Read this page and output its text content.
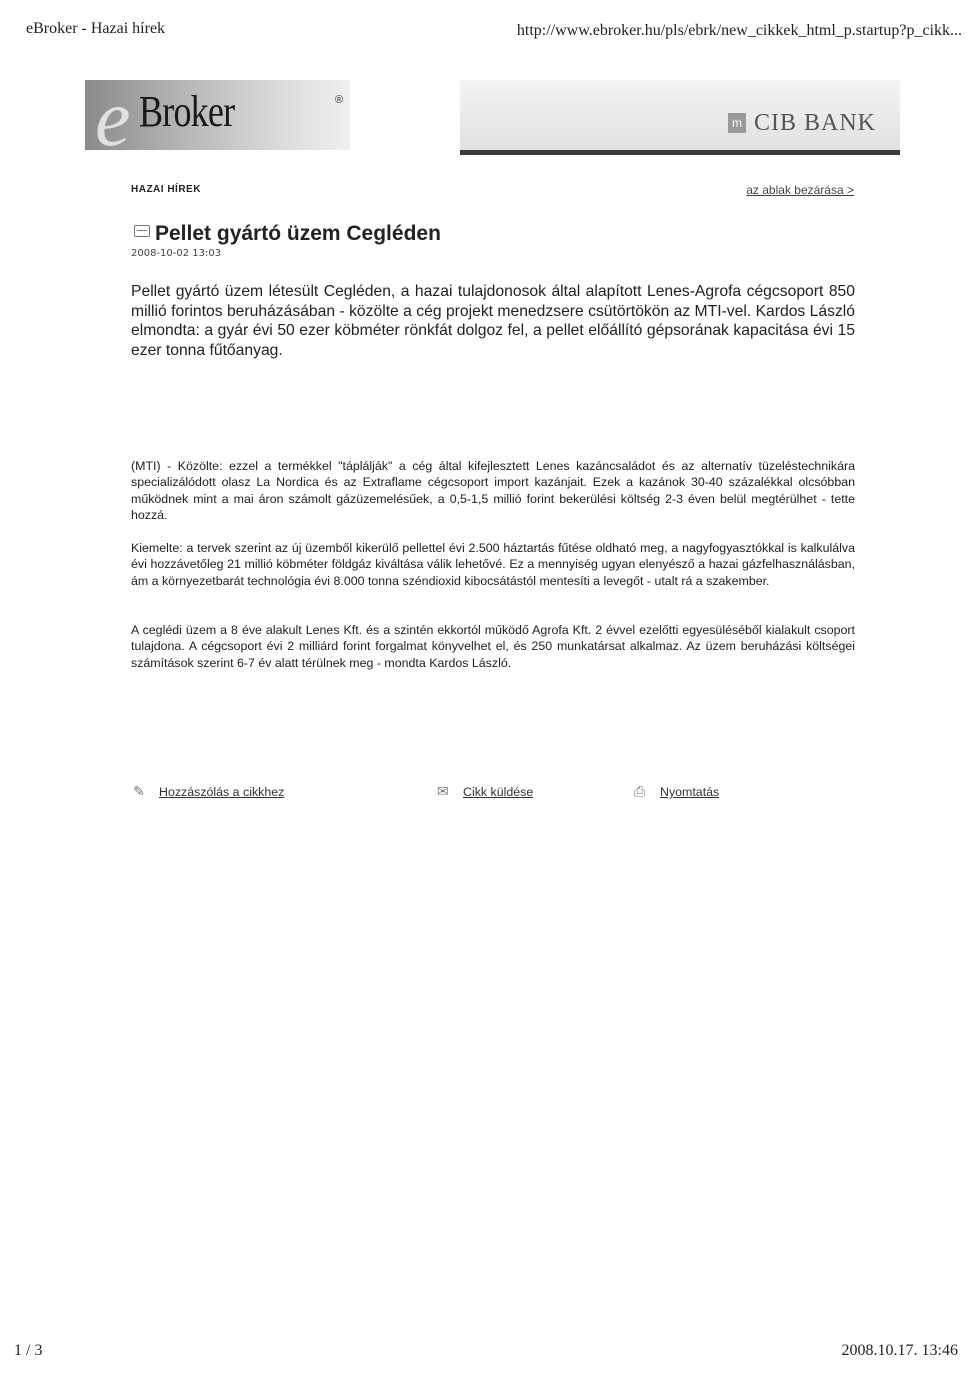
eBroker - Hazai hírek	http://www.ebroker.hu/pls/ebrk/new_cikkek_html_p.startup?p_cikk...
e Broker	®
m CIB BANK
HAZAI HÍREK	az ablak bezárása >
Pellet gyártó üzem Cegléden
2008-10-02 13:03

Pellet gyártó üzem létesült Cegléden, a hazai tulajdonosok által alapított Lenes-Agrofa cégcsoport 850 millió forintos beruházásában - közölte a cég projekt menedzsere csütörtökön az MTI-vel. Kardos László elmondta: a gyár évi 50 ezer köbméter rönkfát dolgoz fel, a pellet előállító gépsorának kapacitása évi 15 ezer tonna fűtőanyag.

(MTI) - Közölte: ezzel a termékkel "táplálják" a cég által kifejlesztett Lenes kazáncsaládot és az alternatív tüzeléstechnikára specializálódott olasz La Nordica és az Extraflame cégcsoport import kazánjait. Ezek a kazánok 30-40 százalékkal olcsóbban működnek mint a mai áron számolt gázüzemelésűek, a 0,5-1,5 millió forint bekerülési költség 2-3 éven belül megtérülhet - tette hozzá.

Kiemelte: a tervek szerint az új üzemből kikerülő pellettel évi 2.500 háztartás fűtése oldható meg, a nagyfogyasztókkal is kalkulálva évi hozzávetőleg 21 millió köbméter földgáz kiváltása válik lehetővé. Ez a mennyiség ugyan elenyésző a hazai gázfelhasználásban, ám a környezetbarát technológia évi 8.000 tonna széndioxid kibocsátástól mentesíti a levegőt - utalt rá a szakember.

A ceglédi üzem a 8 éve alakult Lenes Kft. és a szintén ekkortól működő Agrofa Kft. 2 évvel ezelőtti egyesüléséből kialakult csoport tulajdona. A cégcsoport évi 2 milliárd forint forgalmat könyvelhet el, és 250 munkatársat alkalmaz. Az üzem beruházási költségei számítások szerint 6-7 év alatt térülnek meg - mondta Kardos László.

✎ Hozzászólás a cikkhez	✉ Cikk küldése	⎙ Nyomtatás
1 / 3	2008.10.17. 13:46
